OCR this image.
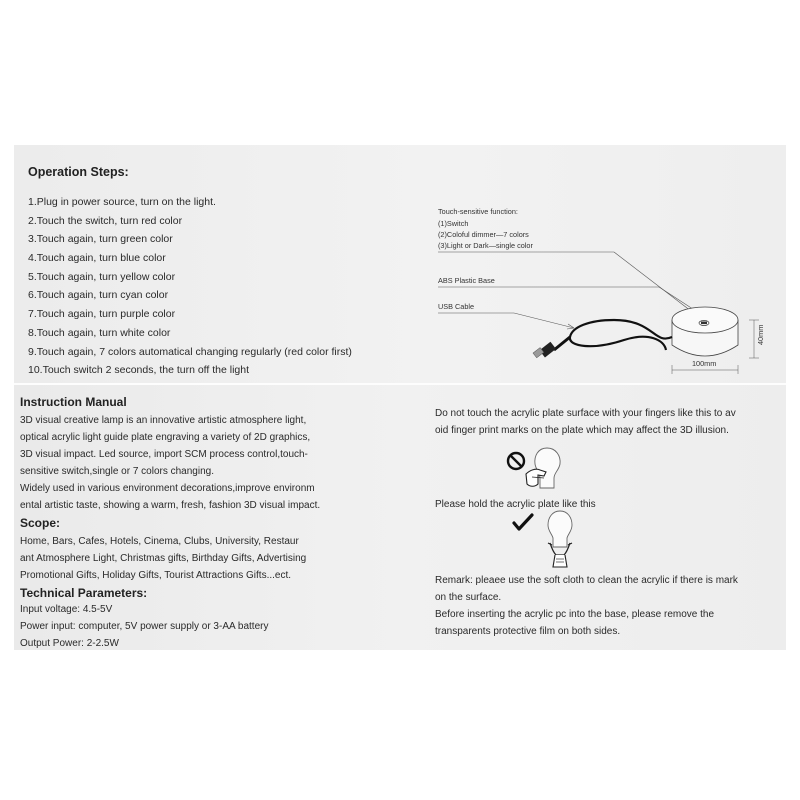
Operation Steps:
1.Plug in power source, turn on the light.
2.Touch the switch, turn red color
3.Touch again, turn green color
4.Touch again, turn blue color
5.Touch again, turn yellow color
6.Touch again, turn cyan color
7.Touch again, turn purple color
8.Touch again, turn white color
9.Touch again, 7 colors automatical changing regularly (red color first)
10.Touch switch 2 seconds, the turn off the light
Touch-sensitive function:
(1)Switch
(2)Coloful dimmer—7 colors
(3)Light or Dark—single color
ABS Plastic Base
USB Cable
40mm
100mm
Instruction Manual

3D visual creative lamp is an innovative artistic atmosphere light,

optical acrylic light guide plate engraving a variety of 2D graphics,

3D visual impact. Led source, import SCM process control,touch-

sensitive switch,single or 7 colors changing.

Widely used in various environment decorations,improve environm

ental artistic taste, showing a warm, fresh, fashion 3D visual impact.

Scope:

Home, Bars, Cafes, Hotels, Cinema, Clubs, University, Restaur

ant Atmosphere Light, Christmas gifts, Birthday Gifts, Advertising

Promotional Gifts, Holiday Gifts, Tourist Attractions Gifts...ect.

Technical Parameters:

Input voltage: 4.5-5V

Power input: computer, 5V power supply or 3-AA battery

Output Power: 2-2.5W

Do not touch the acrylic plate surface with your fingers like this to av

oid finger print marks on the plate which may affect the 3D illusion.

Please hold the acrylic plate like this

Remark: pleaee use the soft cloth to clean the acrylic if there is mark

on the surface.

Before inserting the acrylic pc into the base, please remove the

transparents protective film on both sides.
